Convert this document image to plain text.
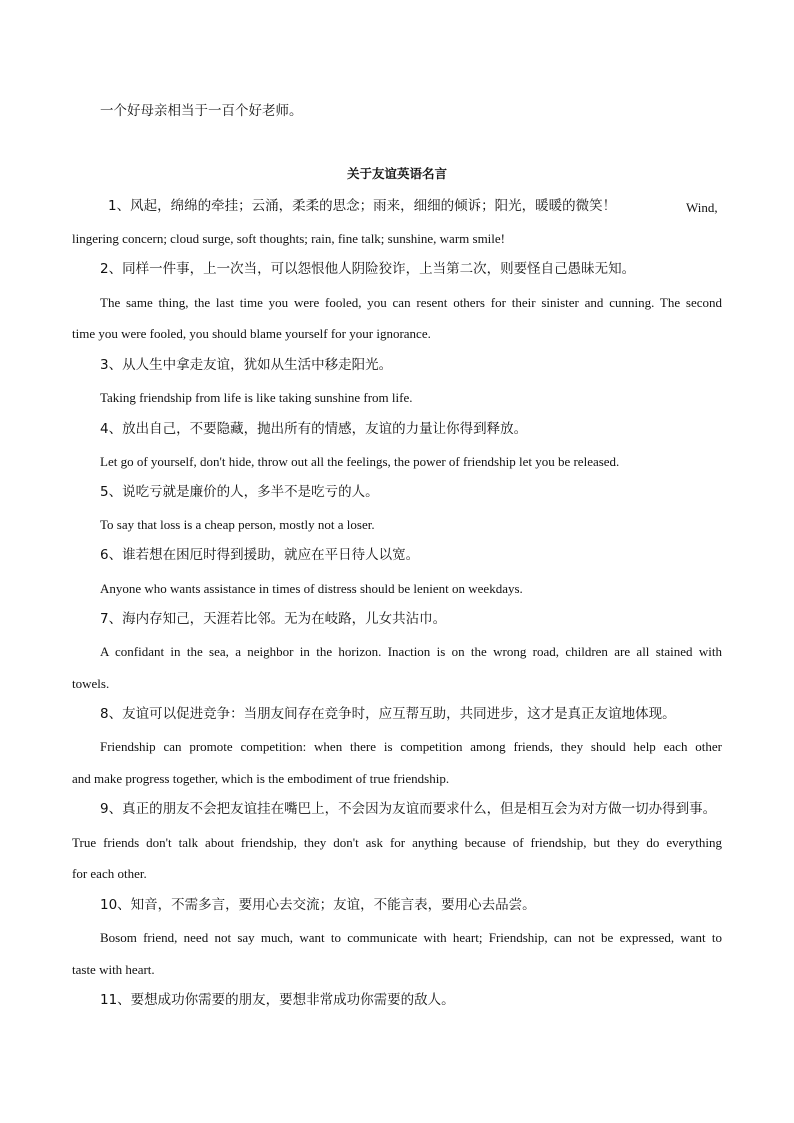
一个好母亲相当于一百个好老师。
关于友谊英语名言
1、风起，绵绵的牵挂；云涌，柔柔的思念；雨来，细细的倾诉；阳光，暖暖的微笑！	Wind,
lingering concern; cloud surge, soft thoughts; rain, fine talk; sunshine, warm smile!
2、同样一件事，上一次当，可以怨恨他人阴险狡诈，上当第二次，则要怪自己愚昧无知。
The same thing, the last time you were fooled, you can resent others for their sinister and cunning. The second
time you were fooled, you should blame yourself for your ignorance.
3、从人生中拿走友谊，犹如从生活中移走阳光。
Taking friendship from life is like taking sunshine from life.
4、放出自己，不要隐藏，抛出所有的情感，友谊的力量让你得到释放。
Let go of yourself, don't hide, throw out all the feelings, the power of friendship let you be released.
5、说吃亏就是廉价的人，多半不是吃亏的人。
To say that loss is a cheap person, mostly not a loser.
6、谁若想在困厄时得到援助，就应在平日待人以宽。
Anyone who wants assistance in times of distress should be lenient on weekdays.
7、海内存知己，天涯若比邻。无为在岐路，儿女共沾巾。
A confidant in the sea, a neighbor in the horizon. Inaction is on the wrong road, children are all stained with
towels.
8、友谊可以促进竞争：当朋友间存在竞争时，应互帮互助，共同进步，这才是真正友谊地体现。
Friendship can promote competition: when there is competition among friends, they should help each other
and make progress together, which is the embodiment of true friendship.
9、真正的朋友不会把友谊挂在嘴巴上，不会因为友谊而要求什么，但是相互会为对方做一切办得到事。
True friends don't talk about friendship, they don't ask for anything because of friendship, but they do everything
for each other.
10、知音，不需多言，要用心去交流；友谊，不能言表，要用心去品尝。
Bosom friend, need not say much, want to communicate with heart; Friendship, can not be expressed, want to
taste with heart.
11、要想成功你需要的朋友，要想非常成功你需要的敌人。
